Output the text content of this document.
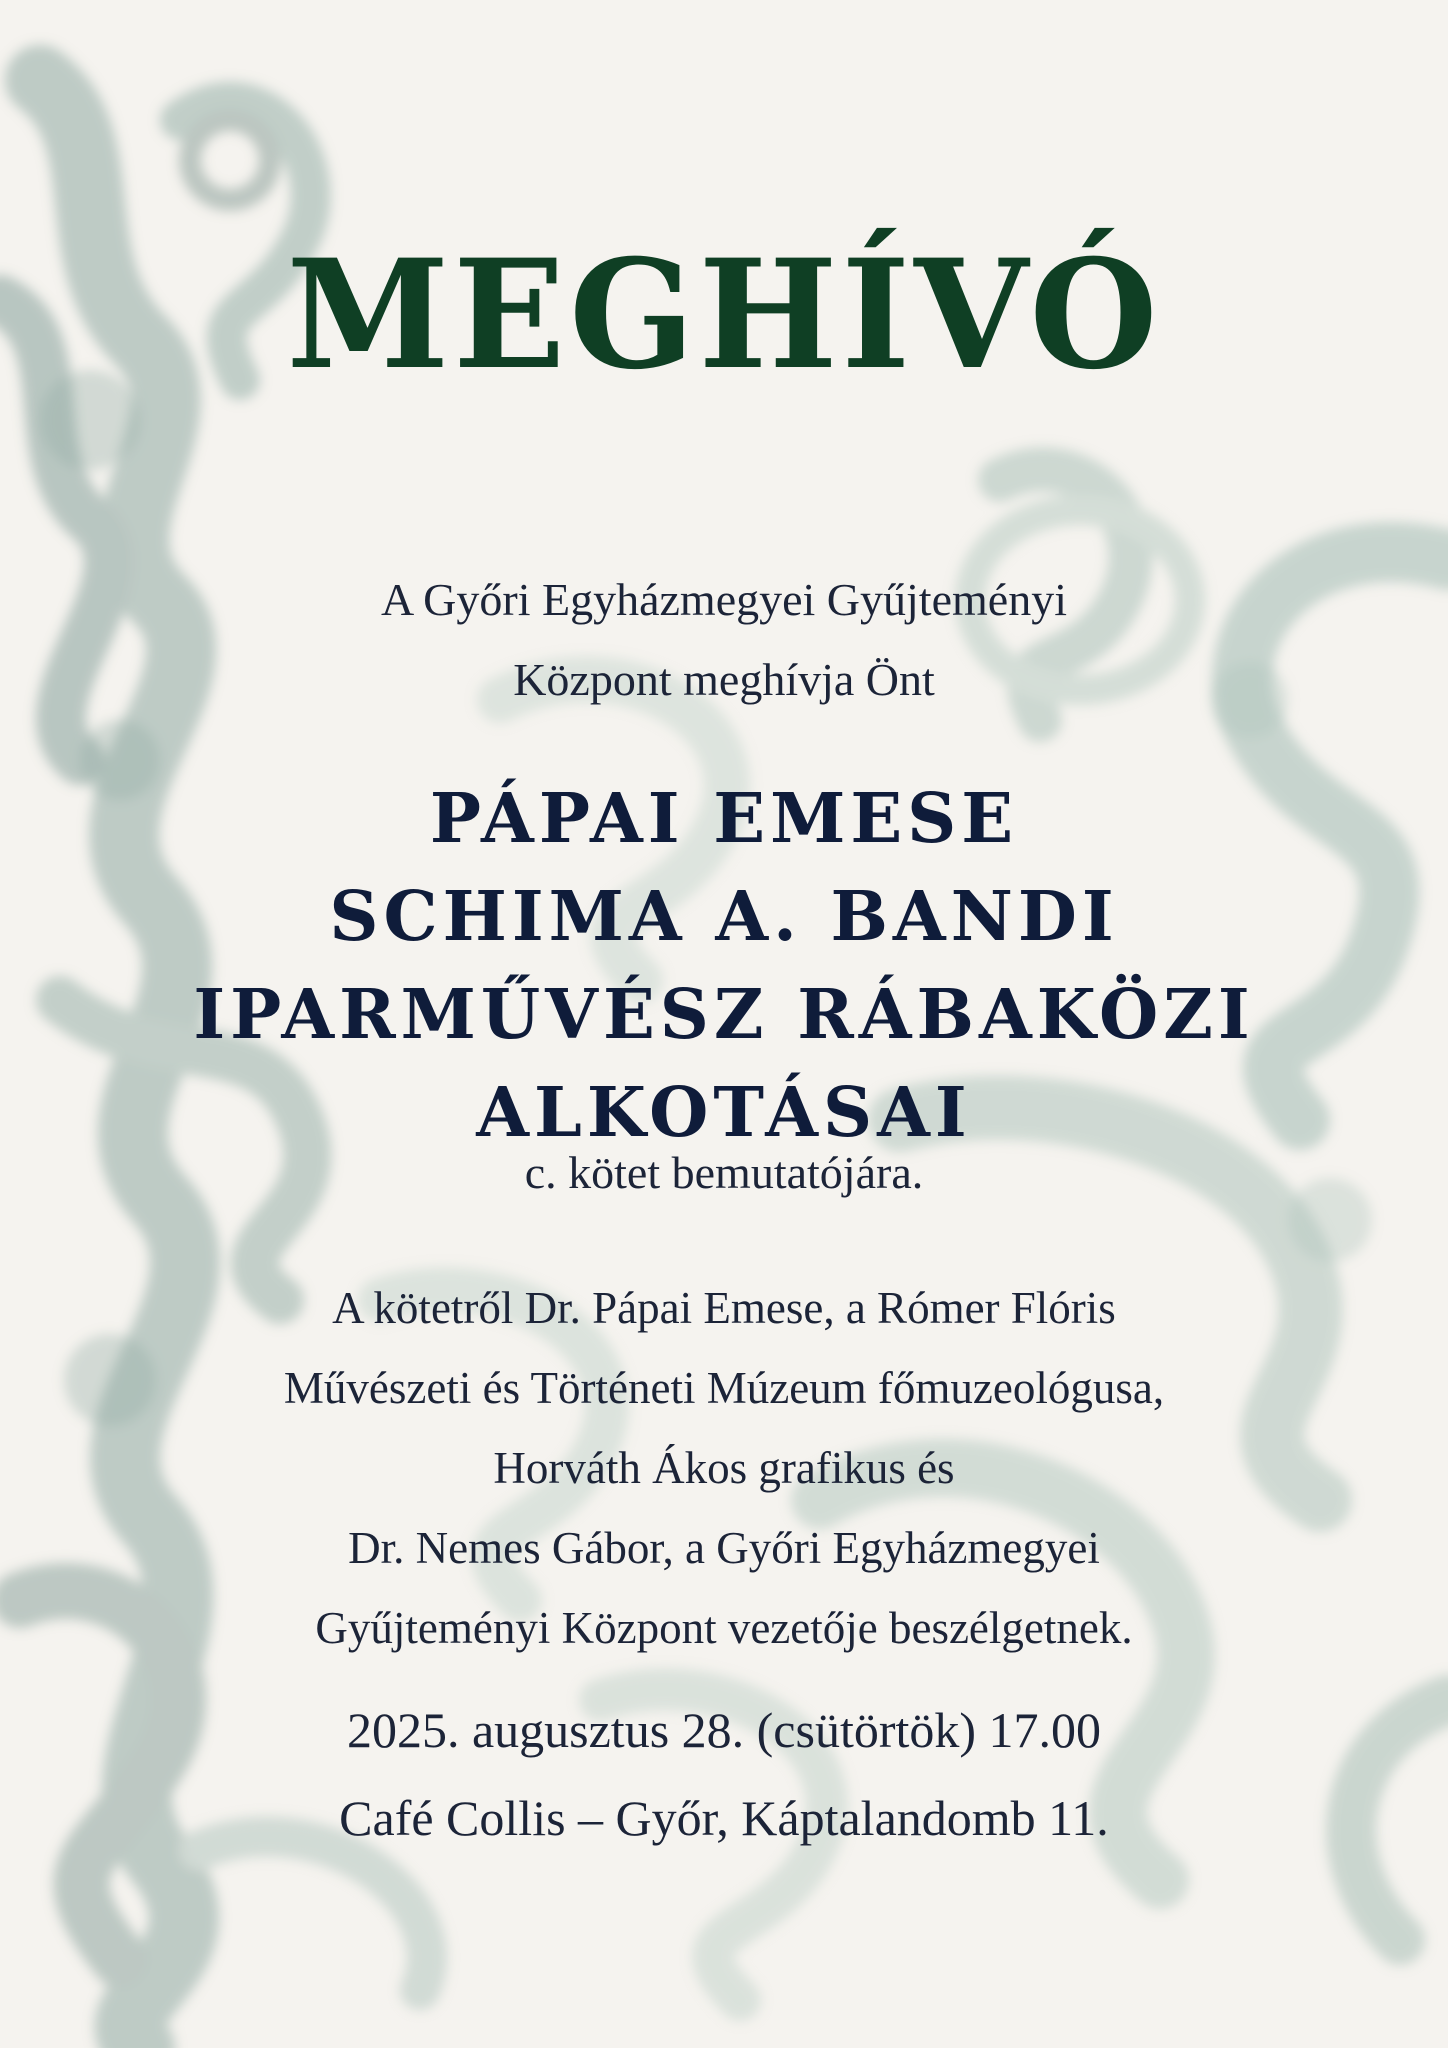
MEGHÍVÓ
A Győri Egyházmegyei Gyűjteményi
Központ meghívja Önt
PÁPAI EMESE
SCHIMA A. BANDI
IPARMŰVÉSZ RÁBAKÖZI
ALKOTÁSAI
c. kötet bemutatójára.
A kötetről Dr. Pápai Emese, a Rómer Flóris
Művészeti és Történeti Múzeum főmuzeológusa,
Horváth Ákos grafikus és
Dr. Nemes Gábor, a Győri Egyházmegyei
Gyűjteményi Központ vezetője beszélgetnek.
2025. augusztus 28. (csütörtök) 17.00
Café Collis – Győr, Káptalandomb 11.
